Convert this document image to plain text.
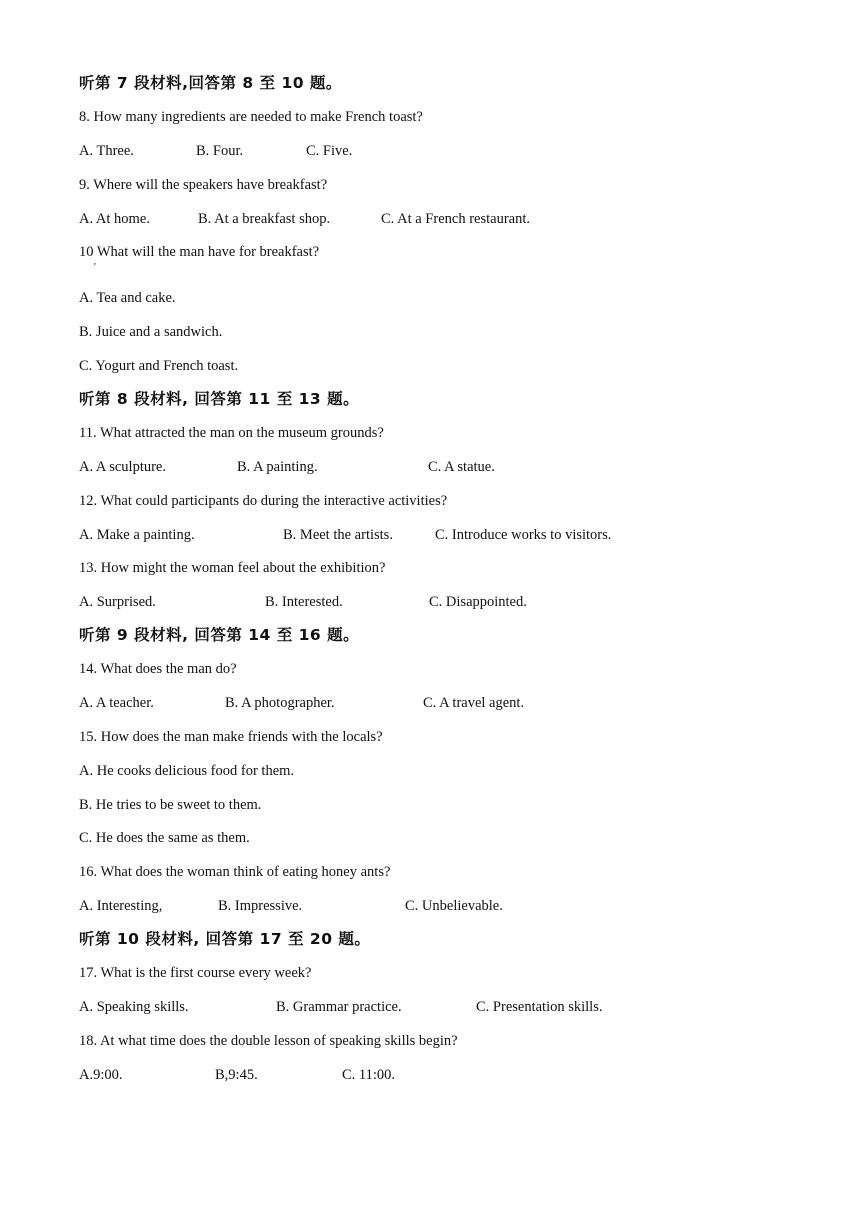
听第 7 段材料,回答第 8 至 10 题。
8. How many ingredients are needed to make French toast?
A. Three.	B. Four.	C. Five.
9. Where will the speakers have breakfast?
A. At home.	B. At a breakfast shop.	C. At a French restaurant.
10 What will the man have for breakfast?
'
A. Tea and cake.
B. Juice and a sandwich.
C. Yogurt and French toast.
听第 8 段材料, 回答第 11 至 13 题。
11. What attracted the man on the museum grounds?
A. A sculpture.	B. A painting.	C. A statue.
12. What could participants do during the interactive activities?
A. Make a painting.	B. Meet the artists.	C. Introduce works to visitors.
13. How might the woman feel about the exhibition?
A. Surprised.	B. Interested.	C. Disappointed.
听第 9 段材料, 回答第 14 至 16 题。
14. What does the man do?
A. A teacher.	B. A photographer.	C. A travel agent.
15. How does the man make friends with the locals?
A. He cooks delicious food for them.
B. He tries to be sweet to them.
C. He does the same as them.
16. What does the woman think of eating honey ants?
A. Interesting,	B. Impressive.	C. Unbelievable.
听第 10 段材料, 回答第 17 至 20 题。
17. What is the first course every week?
A. Speaking skills.	B. Grammar practice.	C. Presentation skills.
18. At what time does the double lesson of speaking skills begin?
A.9:00.	B,9:45.	C. 11:00.
